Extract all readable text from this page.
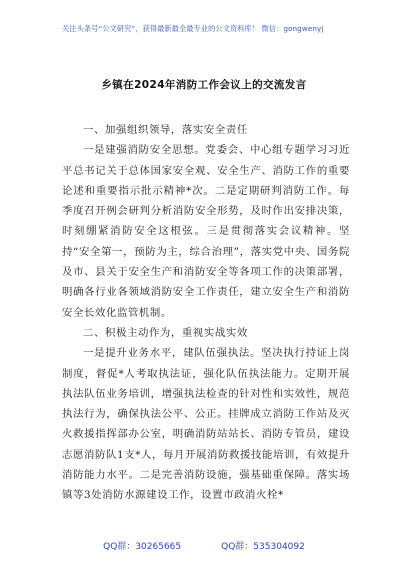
关注头条号“公文研究”，获得最新最全最专业的公文资料库！ 微信：gongwenyj
乡镇在2024年消防工作会议上的交流发言

一、加强组织领导，落实安全责任

一是建强消防安全思想。党委会、中心组专题学习习近平总书记关于总体国家安全观、安全生产、消防工作的重要论述和重要指示批示精神*次。二是定期研判消防工作。每季度召开例会研判分析消防安全形势，及时作出安排决策，时刻绷紧消防安全这根弦。三是贯彻落实会议精神。坚持“安全第一，预防为主，综合治理”，落实党中央、国务院及市、县关于安全生产和消防安全等各项工作的决策部署，明确各行业各领域消防安全工作责任，建立安全生产和消防安全长效化监管机制。

二、积极主动作为，重视实战实效

一是提升业务水平，建队伍强执法。坚决执行持证上岗制度，督促*人考取执法证，强化队伍执法能力。定期开展执法队伍业务培训，增强执法检查的针对性和实效性，规范执法行为，确保执法公平、公正。挂牌成立消防工作站及灭火救援指挥部办公室，明确消防站站长、消防专管员，建设志愿消防队1支*人，每月开展消防救援技能培训，有效提升消防能力水平。二是完善消防设施，强基础重保障。落实场镇等3处消防水源建设工作，设置市政消火栓*

QQ群：30265665	QQ群：535304092
